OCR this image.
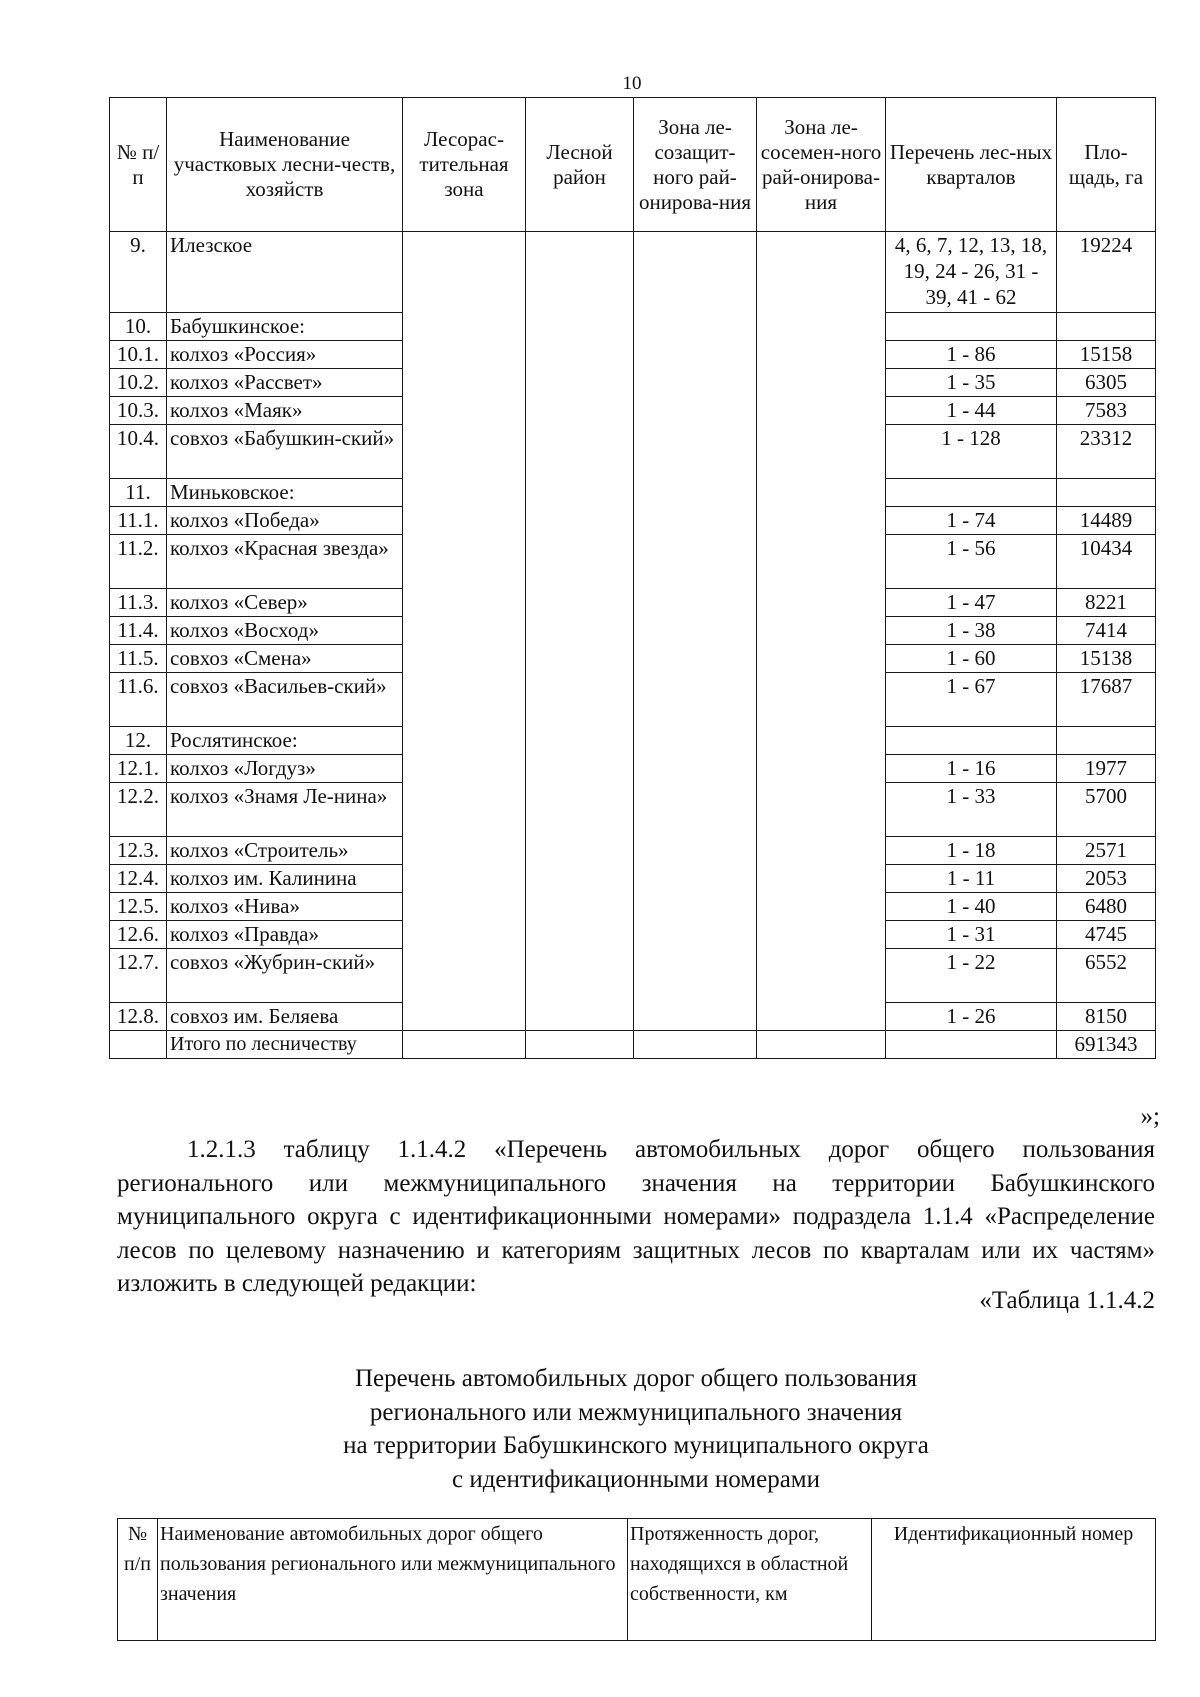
10
№ п/п	Наименование участковых лесни-честв, хозяйств	Лесорас-тительная зона	Лесной район	Зона ле-созащит-ного рай-онирова-ния	Зона ле-сосемен-ного рай-онирова-ния	Перечень лес-ных кварталов	Пло-щадь, га
9.	Илезское					4, 6, 7, 12, 13, 18, 19, 24 - 26, 31 - 39, 41 - 62	19224
10.	Бабушкинское:						
10.1.	колхоз «Россия»					1 - 86	15158
10.2.	колхоз «Рассвет»					1 - 35	6305
10.3.	колхоз «Маяк»					1 - 44	7583
10.4.	совхоз «Бабушкин-ский»					1 - 128	23312
11.	Миньковское:						
11.1.	колхоз «Победа»					1 - 74	14489
11.2.	колхоз «Красная звезда»					1 - 56	10434
11.3.	колхоз «Север»					1 - 47	8221
11.4.	колхоз «Восход»					1 - 38	7414
11.5.	совхоз «Смена»					1 - 60	15138
11.6.	совхоз «Васильев-ский»					1 - 67	17687
12.	Рослятинское:						
12.1.	колхоз «Логдуз»					1 - 16	1977
12.2.	колхоз «Знамя Ле-нина»					1 - 33	5700
12.3.	колхоз «Строитель»					1 - 18	2571
12.4.	колхоз им. Калинина					1 - 11	2053
12.5.	колхоз «Нива»					1 - 40	6480
12.6.	колхоз «Правда»					1 - 31	4745
12.7.	совхоз «Жубрин-ский»					1 - 22	6552
12.8.	совхоз им. Беляева					1 - 26	8150
	Итого по лесничеству						691343
»;
1.2.1.3 таблицу 1.1.4.2 «Перечень автомобильных дорог общего пользования регионального или межмуниципального значения на территории Бабушкинского муниципального округа с идентификационными номерами» подраздела 1.1.4 «Распределение лесов по целевому назначению и категориям защитных лесов по кварталам или их частям» изложить в следующей редакции:
«Таблица 1.1.4.2
Перечень автомобильных дорог общего пользования
регионального или межмуниципального значения
на территории Бабушкинского муниципального округа
с идентификационными номерами
№ п/п	Наименование автомобильных дорог общего пользования регионального или межмуниципального значения	Протяженность дорог, находящихся в областной собственности, км	Идентификационный номер
